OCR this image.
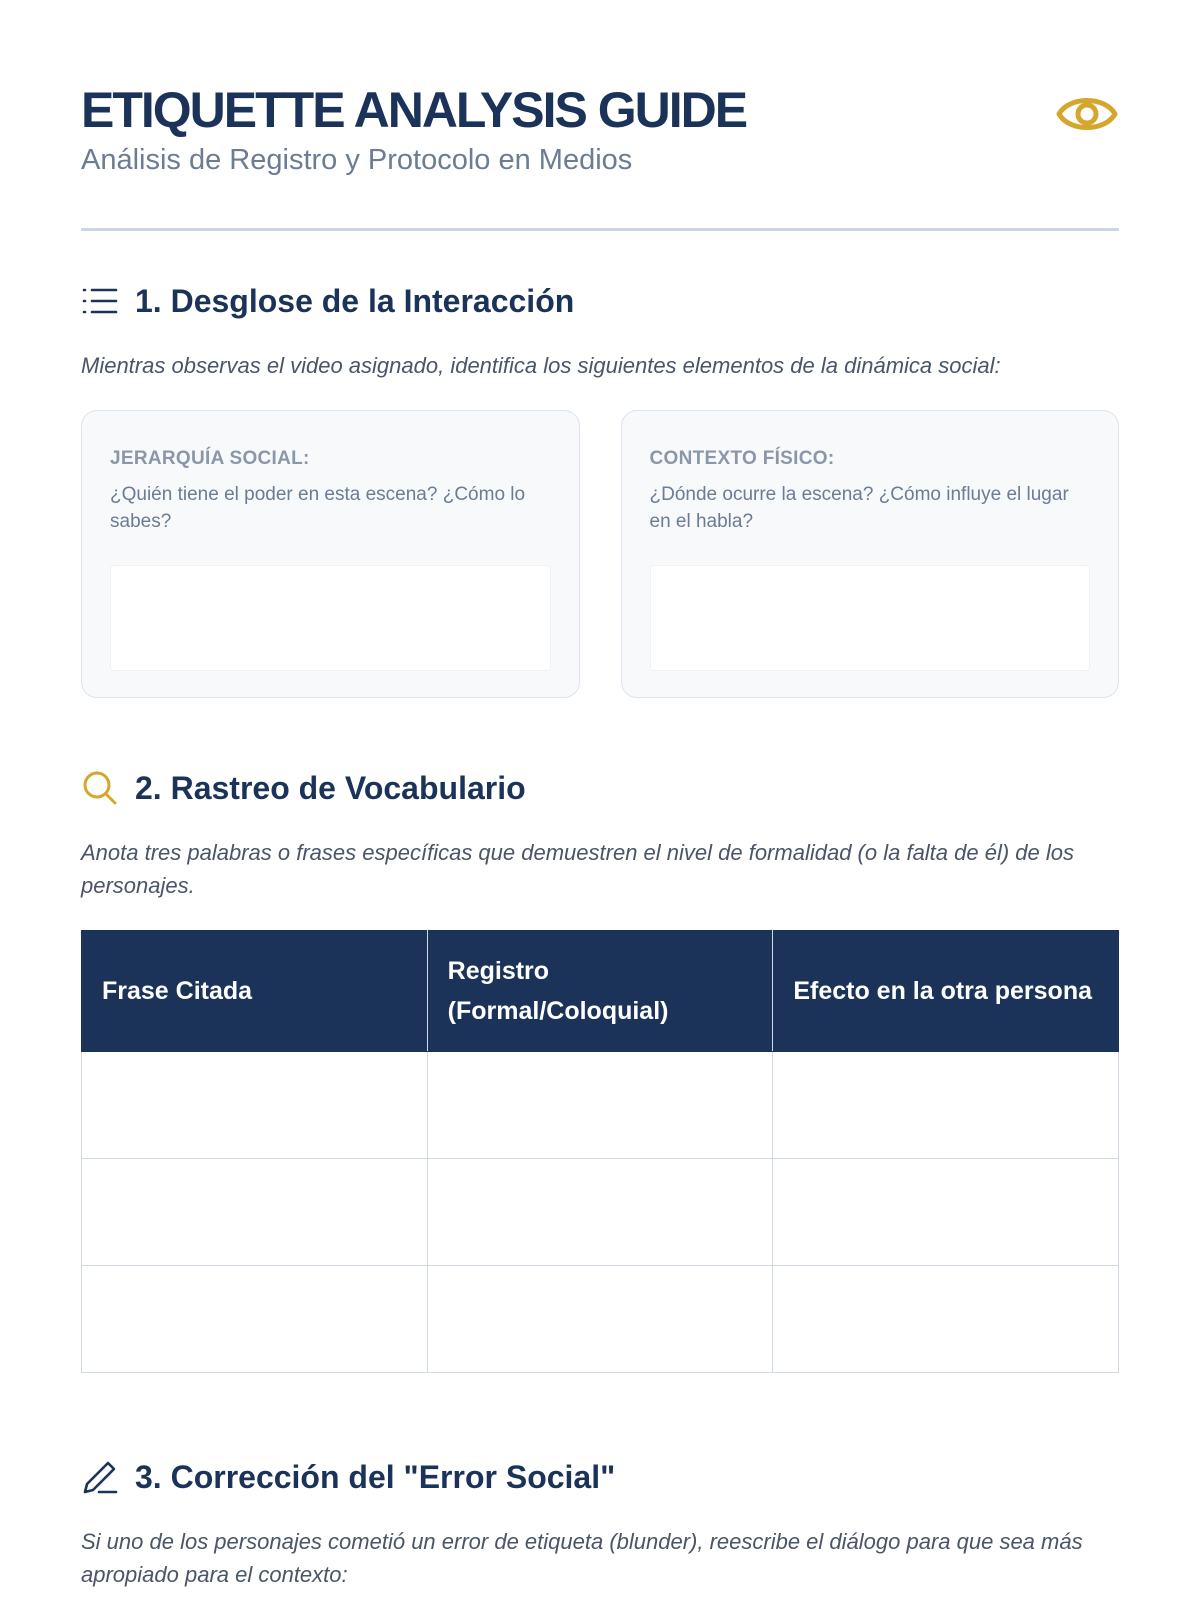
ETIQUETTE ANALYSIS GUIDE
Análisis de Registro y Protocolo en Medios
1. Desglose de la Interacción

Mientras observas el video asignado, identifica los siguientes elementos de la dinámica social:

JERARQUÍA SOCIAL:
¿Quién tiene el poder en esta escena? ¿Cómo lo sabes?
CONTEXTO FÍSICO:
¿Dónde ocurre la escena? ¿Cómo influye el lugar en el habla?
2. Rastreo de Vocabulario

Anota tres palabras o frases específicas que demuestren el nivel de formalidad (o la falta de él) de los personajes.

Frase Citada	Registro (Formal/Coloquial)	Efecto en la otra persona

3. Corrección del "Error Social"

Si uno de los personajes cometió un error de etiqueta (blunder), reescribe el diálogo para que sea más apropiado para el contexto:
